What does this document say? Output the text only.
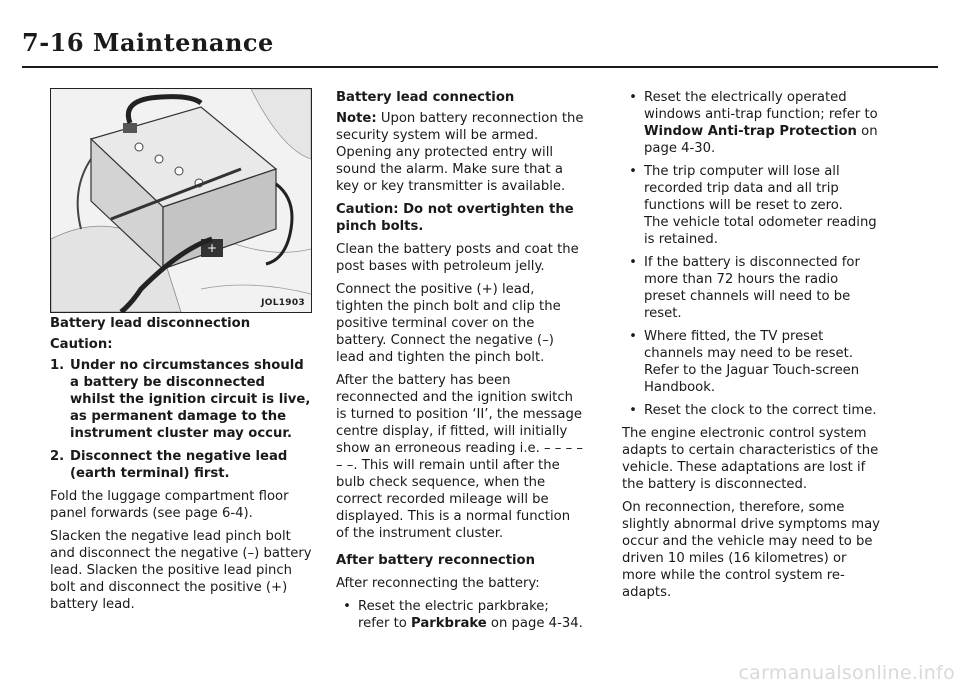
7-16 Maintenance
+
JOL1903

Battery lead disconnection

Caution:

1. Under no circumstances should a battery be disconnected whilst the ignition circuit is live, as permanent damage to the instrument cluster may occur.
2. Disconnect the negative lead (earth terminal) first.

Fold the luggage compartment floor panel forwards (see page 6-4).

Slacken the negative lead pinch bolt and disconnect the negative (–) battery lead. Slacken the positive lead pinch bolt and disconnect the positive (+) battery lead.

Battery lead connection

Note: Upon battery reconnection the security system will be armed. Opening any protected entry will sound the alarm. Make sure that a key or key transmitter is available.

Caution: Do not overtighten the pinch bolts.

Clean the battery posts and coat the post bases with petroleum jelly.

Connect the positive (+) lead, tighten the pinch bolt and clip the positive terminal cover on the battery. Connect the negative (–) lead and tighten the pinch bolt.

After the battery has been reconnected and the ignition switch is turned to position ‘II’, the message centre display, if fitted, will initially show an erroneous reading i.e. – – – – – –. This will remain until after the bulb check sequence, when the correct recorded mileage will be displayed. This is a normal function of the instrument cluster.

After battery reconnection

After reconnecting the battery:

• Reset the electric parkbrake; refer to Parkbrake on page 4-34.
• Reset the electrically operated windows anti-trap function; refer to Window Anti-trap Protection on page 4-30.
• The trip computer will lose all recorded trip data and all trip functions will be reset to zero.
The vehicle total odometer reading is retained.
• If the battery is disconnected for more than 72 hours the radio preset channels will need to be reset.
• Where fitted, the TV preset channels may need to be reset. Refer to the Jaguar Touch-screen Handbook.
• Reset the clock to the correct time.

The engine electronic control system adapts to certain characteristics of the vehicle. These adaptations are lost if the battery is disconnected.

On reconnection, therefore, some slightly abnormal drive symptoms may occur and the vehicle may need to be driven 10 miles (16 kilometres) or more while the control system re-adapts.

carmanualsonline.info
